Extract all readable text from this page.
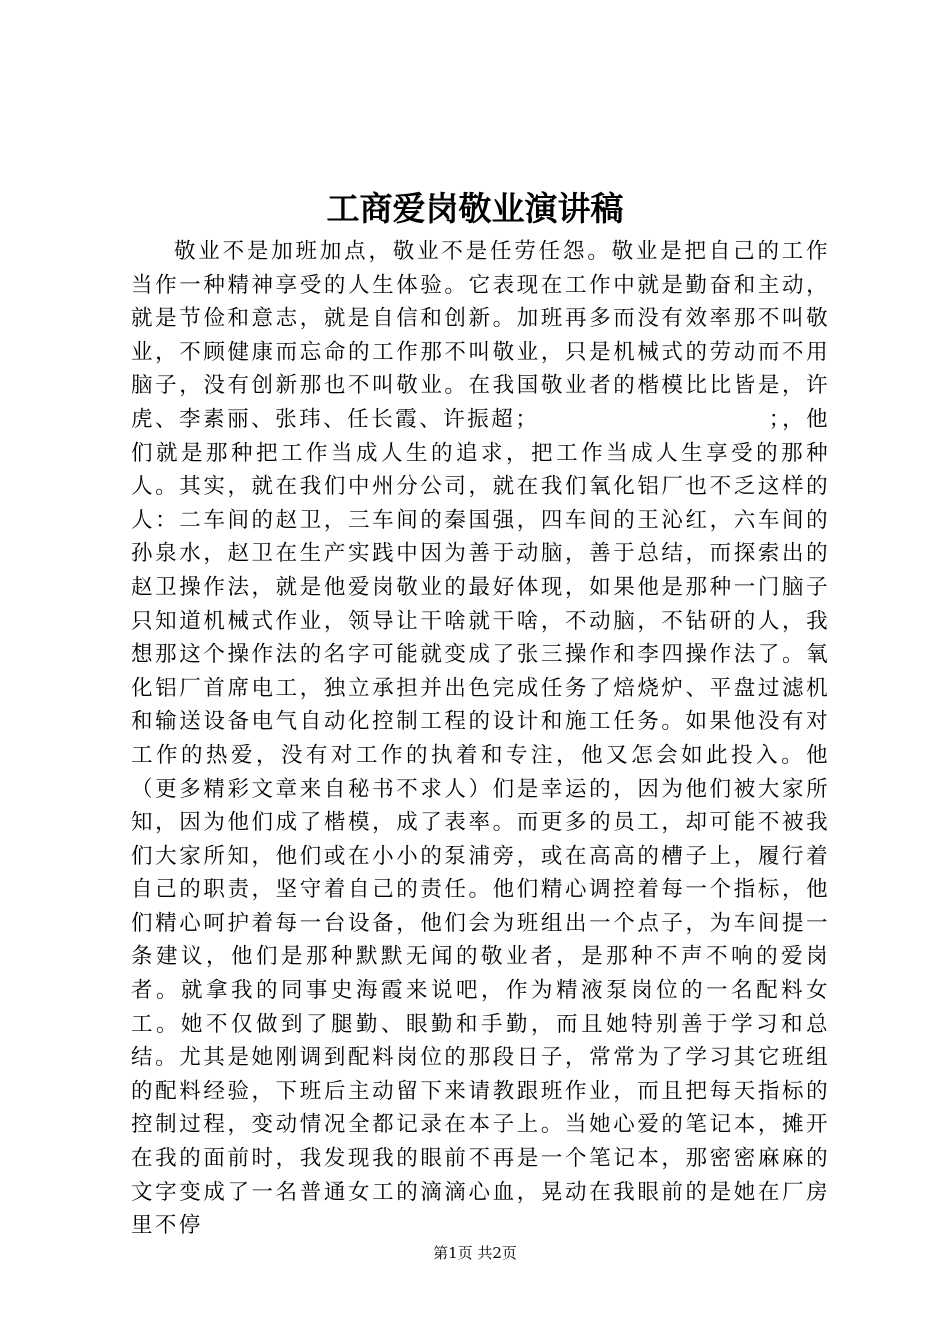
工商爱岗敬业演讲稿

敬业不是加班加点，敬业不是任劳任怨。敬业是把自己的工作当作一种精神享受的人生体验。它表现在工作中就是勤奋和主动，就是节俭和意志，就是自信和创新。加班再多而没有效率那不叫敬业，不顾健康而忘命的工作那不叫敬业，只是机械式的劳动而不用脑子，没有创新那也不叫敬业。在我国敬业者的楷模比比皆是，许虎、李素丽、张玮、任长霞、许振超；　　　　　　　　　　；，他们就是那种把工作当成人生的追求，把工作当成人生享受的那种人。其实，就在我们中州分公司，就在我们氧化铝厂也不乏这样的人：二车间的赵卫，三车间的秦国强，四车间的王沁红，六车间的孙泉水，赵卫在生产实践中因为善于动脑，善于总结，而探索出的赵卫操作法，就是他爱岗敬业的最好体现，如果他是那种一门脑子只知道机械式作业，领导让干啥就干啥，不动脑，不钻研的人，我想那这个操作法的名字可能就变成了张三操作和李四操作法了。氧化铝厂首席电工，独立承担并出色完成任务了焙烧炉、平盘过滤机和输送设备电气自动化控制工程的设计和施工任务。如果他没有对工作的热爱，没有对工作的执着和专注，他又怎会如此投入。他（更多精彩文章来自秘书不求人）们是幸运的，因为他们被大家所知，因为他们成了楷模，成了表率。而更多的员工，却可能不被我们大家所知，他们或在小小的泵浦旁，或在高高的槽子上，履行着自己的职责，坚守着自己的责任。他们精心调控着每一个指标，他们精心呵护着每一台设备，他们会为班组出一个点子，为车间提一条建议，他们是那种默默无闻的敬业者，是那种不声不响的爱岗者。就拿我的同事史海霞来说吧，作为精液泵岗位的一名配料女工。她不仅做到了腿勤、眼勤和手勤，而且她特别善于学习和总结。尤其是她刚调到配料岗位的那段日子，常常为了学习其它班组的配料经验，下班后主动留下来请教跟班作业，而且把每天指标的控制过程，变动情况全都记录在本子上。当她心爱的笔记本，摊开在我的面前时，我发现我的眼前不再是一个笔记本，那密密麻麻的文字变成了一名普通女工的滴滴心血，晃动在我眼前的是她在厂房里不停

第1页 共2页
